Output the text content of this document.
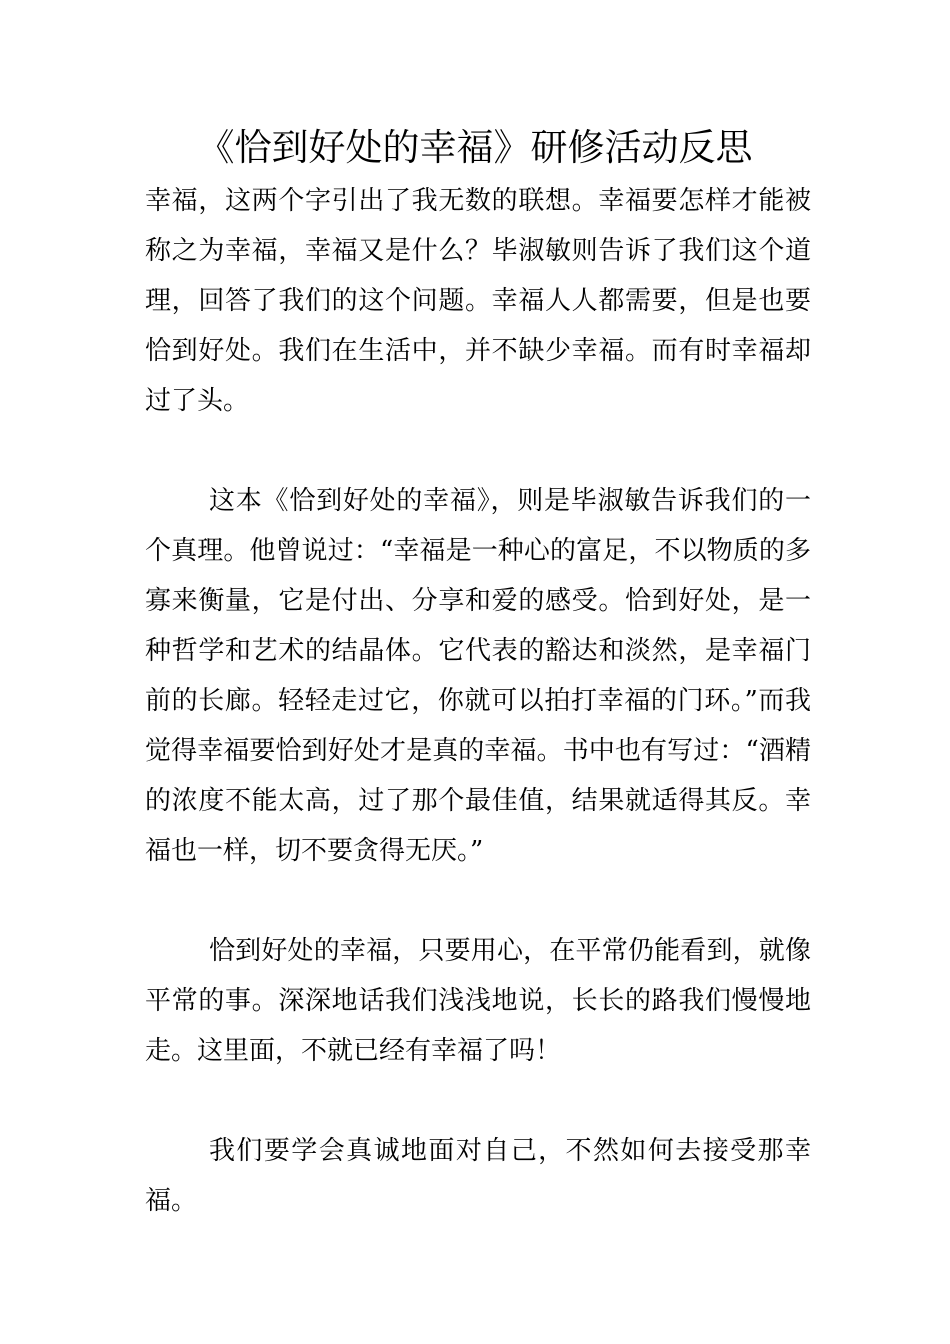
《恰到好处的幸福》研修活动反思

幸福，这两个字引出了我无数的联想。幸福要怎样才能被称之为幸福，幸福又是什么？毕淑敏则告诉了我们这个道理，回答了我们的这个问题。幸福人人都需要，但是也要恰到好处。我们在生活中，并不缺少幸福。而有时幸福却过了头。

这本《恰到好处的幸福》，则是毕淑敏告诉我们的一个真理。他曾说过：“幸福是一种心的富足，不以物质的多寡来衡量，它是付出、分享和爱的感受。恰到好处，是一种哲学和艺术的结晶体。它代表的豁达和淡然，是幸福门前的长廊。轻轻走过它，你就可以拍打幸福的门环。”而我觉得幸福要恰到好处才是真的幸福。书中也有写过：“酒精的浓度不能太高，过了那个最佳值，结果就适得其反。幸福也一样，切不要贪得无厌。”

恰到好处的幸福，只要用心，在平常仍能看到，就像平常的事。深深地话我们浅浅地说，长长的路我们慢慢地走。这里面，不就已经有幸福了吗！

我们要学会真诚地面对自己，不然如何去接受那幸福。
